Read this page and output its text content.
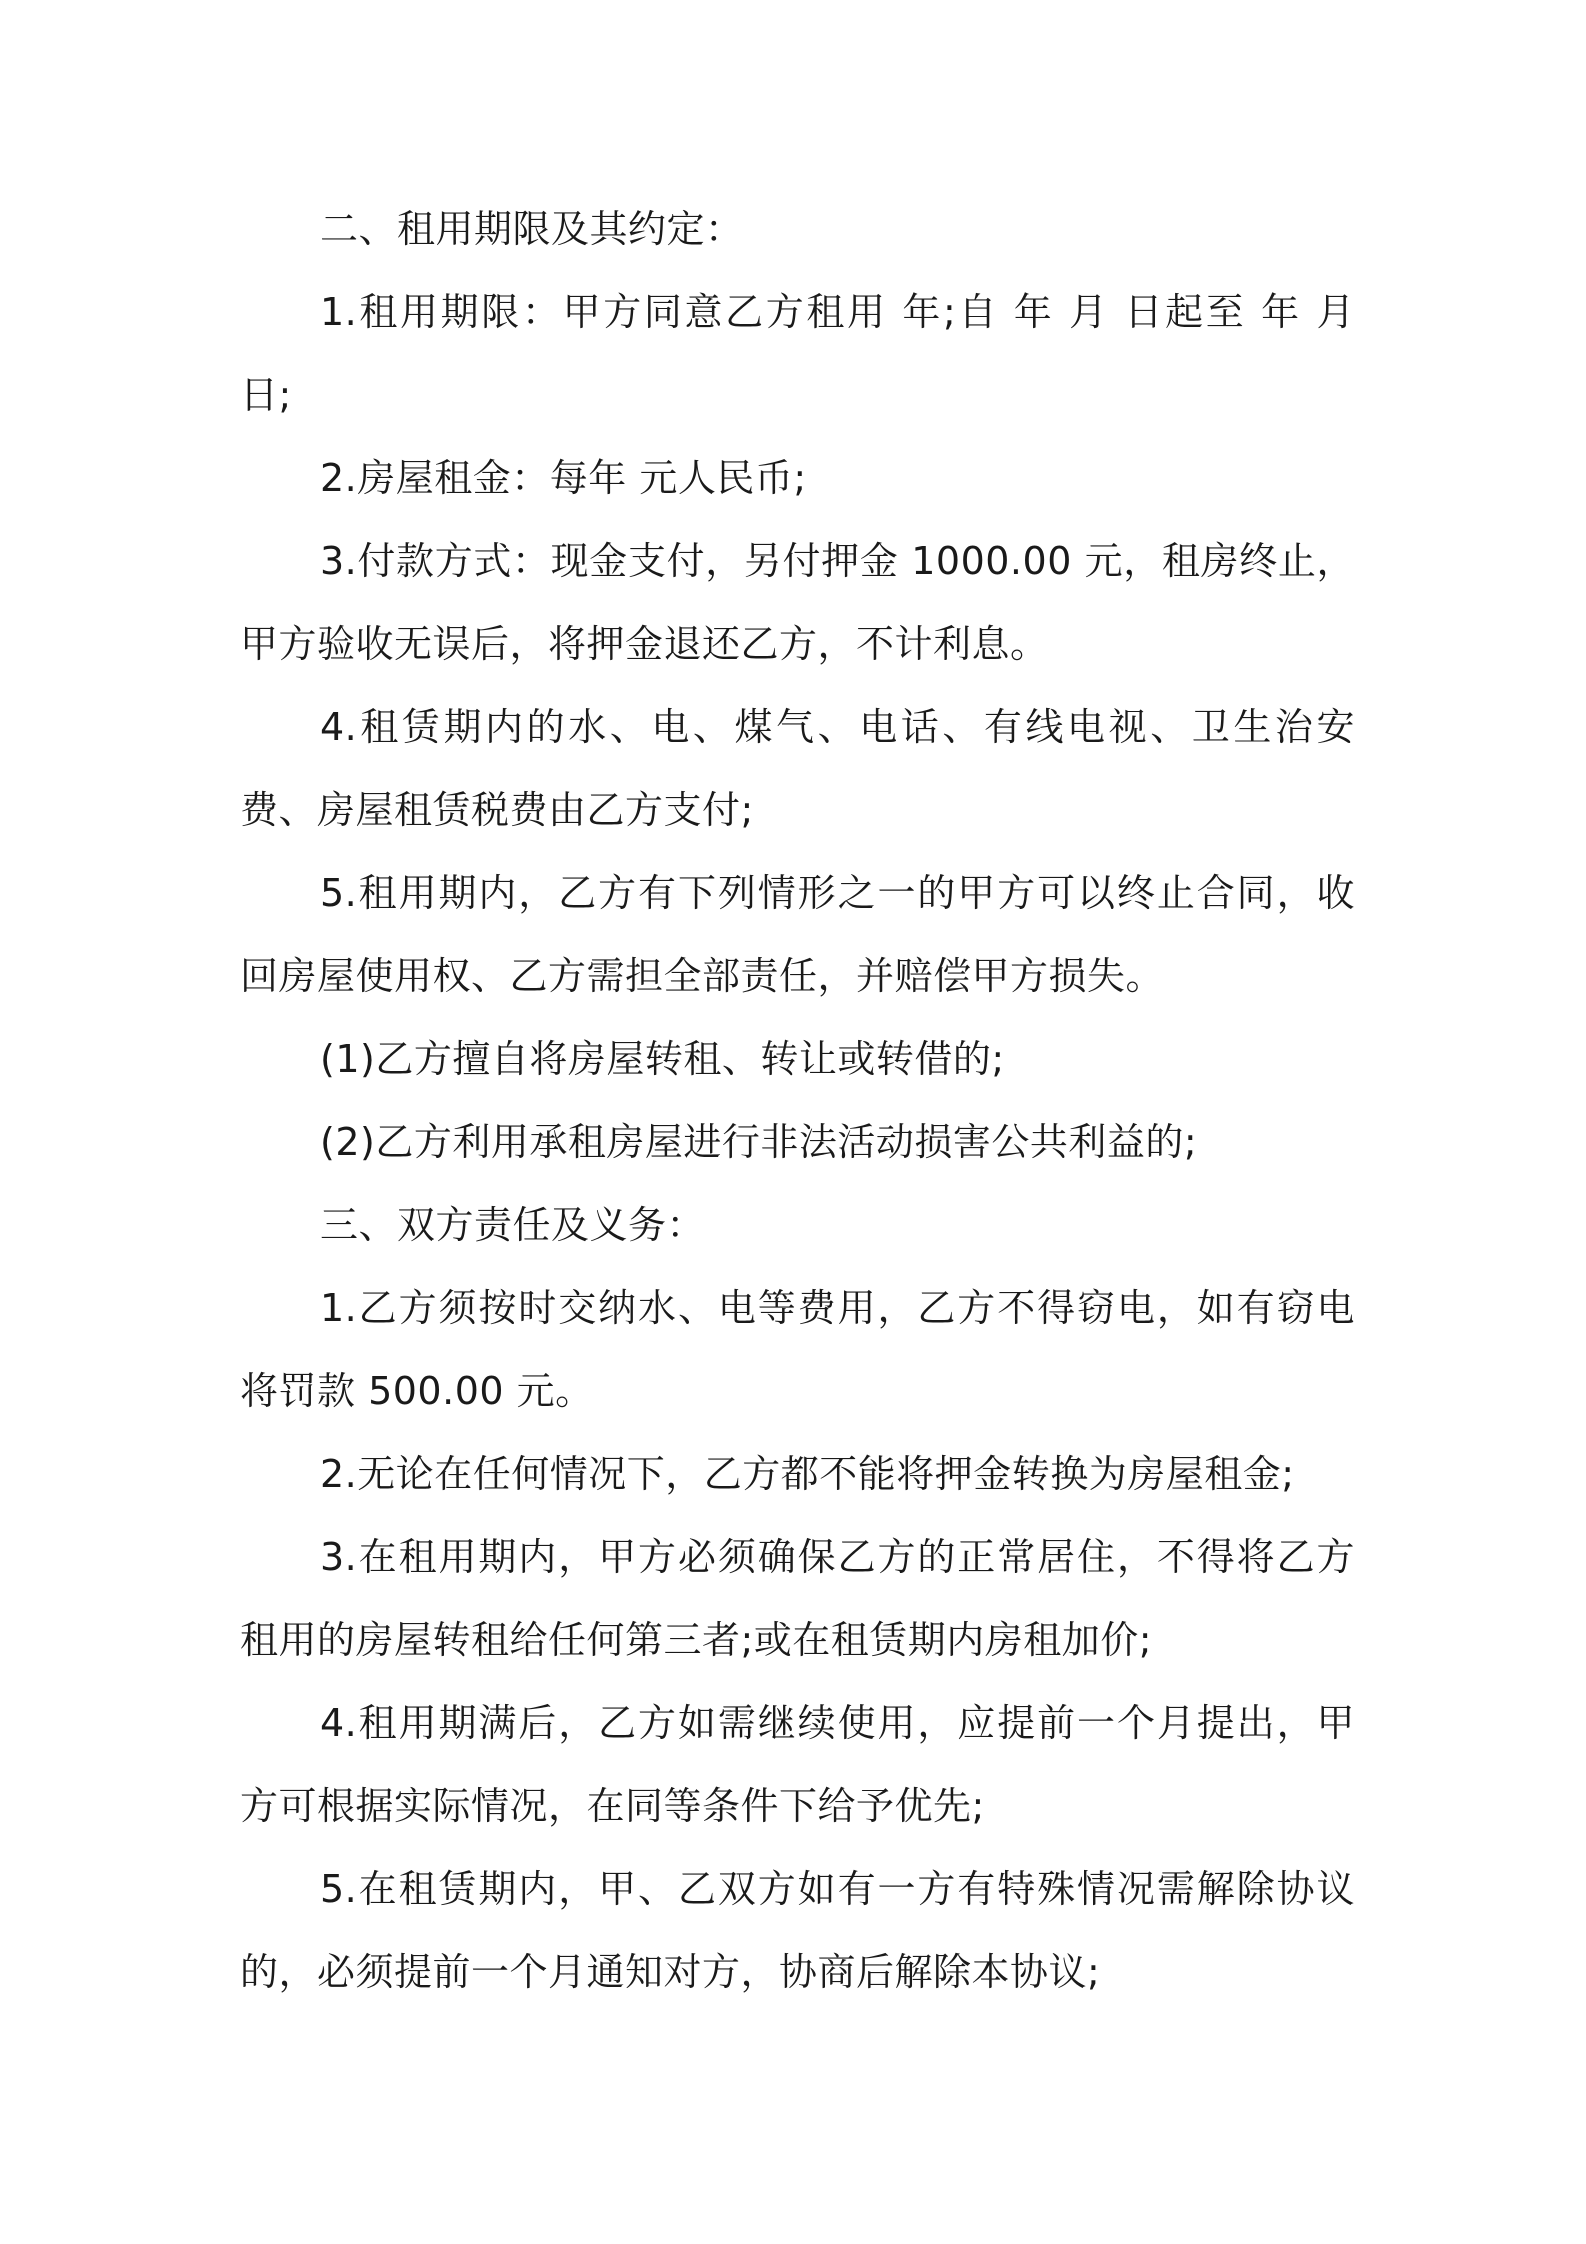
二、租用期限及其约定：

1.租用期限：甲方同意乙方租用 年;自 年 月 日起至 年 月 日;

2.房屋租金：每年 元人民币;

3.付款方式：现金支付，另付押金 1000.00 元，租房终止，甲方验收无误后，将押金退还乙方，不计利息。

4.租赁期内的水、电、煤气、电话、有线电视、卫生治安费、房屋租赁税费由乙方支付;

5.租用期内，乙方有下列情形之一的甲方可以终止合同，收回房屋使用权、乙方需担全部责任，并赔偿甲方损失。

(1)乙方擅自将房屋转租、转让或转借的;

(2)乙方利用承租房屋进行非法活动损害公共利益的;

三、双方责任及义务：

1.乙方须按时交纳水、电等费用，乙方不得窃电，如有窃电将罚款 500.00 元。

2.无论在任何情况下，乙方都不能将押金转换为房屋租金;

3.在租用期内，甲方必须确保乙方的正常居住，不得将乙方租用的房屋转租给任何第三者;或在租赁期内房租加价;

4.租用期满后，乙方如需继续使用，应提前一个月提出，甲方可根据实际情况，在同等条件下给予优先;

5.在租赁期内，甲、乙双方如有一方有特殊情况需解除协议的，必须提前一个月通知对方，协商后解除本协议;
